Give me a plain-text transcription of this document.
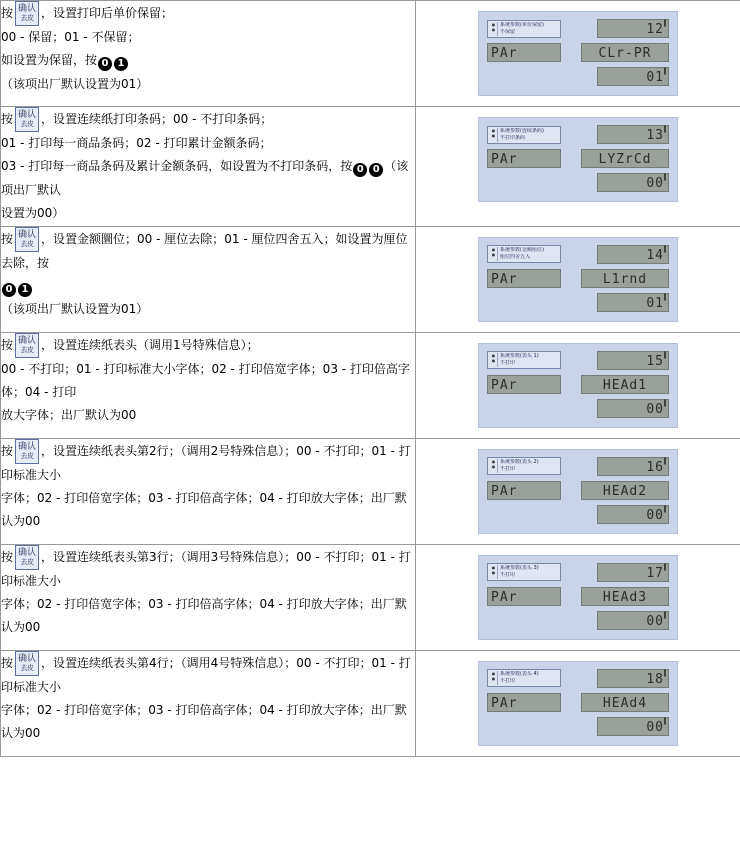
按 确认
去皮 ，设置打印后单价保留；
00 - 保留；01 - 不保留；
如设置为保留，按 0 1
（该项出厂默认设置为01）

●
●
系统参数(单价保留)
不保留	12
▐
PAr	CLr-PR
01
▐

按 确认
去皮 ，设置连续纸打印条码；00 - 不打印条码；
01 - 打印每一商品条码；02 - 打印累计金额条码；
03 - 打印每一商品条码及累计金额条码，如设置为不打印条码，按 0 0 （该项出厂默认
设置为00）

●
●
系统参数(连续条码)
不打印条码	13
▐
PAr	LYZrCd
00
▐

按 确认
去皮 ，设置金额圜位；00 - 厘位去除；01 - 厘位四舍五入；如设置为厘位去除，按
0 1
（该项出厂默认设置为01）

●
●
系统参数(金额厘位)
厘位四舍五入	14
▐
PAr	L1rnd
01
▐

按 确认
去皮 ，设置连续纸表头（调用1号特殊信息）；
00 - 不打印；01 - 打印标准大小字体；02 - 打印倍宽字体；03 - 打印倍高字体；04 - 打印
放大字体；出厂默认为00

●
●
系统参数(表头 1)
不打印	15
▐
PAr	HEAd1
00
▐

按 确认
去皮 ，设置连续纸表头第2行；（调用2号特殊信息）；00 - 不打印；01 - 打印标准大小
字体；02 - 打印倍宽字体；03 - 打印倍高字体；04 - 打印放大字体；出厂默认为00

●
●
系统参数(表头 2)
不打印	16
▐
PAr	HEAd2
00
▐

按 确认
去皮 ，设置连续纸表头第3行；（调用3号特殊信息）；00 - 不打印；01 - 打印标准大小
字体；02 - 打印倍宽字体；03 - 打印倍高字体；04 - 打印放大字体；出厂默认为00

●
●
系统参数(表头 3)
不打印	17
▐
PAr	HEAd3
00
▐

按 确认
去皮 ，设置连续纸表头第4行；（调用4号特殊信息）；00 - 不打印；01 - 打印标准大小
字体；02 - 打印倍宽字体；03 - 打印倍高字体；04 - 打印放大字体；出厂默认为00

●
●
系统参数(表头 4)
不打印	18
▐
PAr	HEAd4
00
▐
